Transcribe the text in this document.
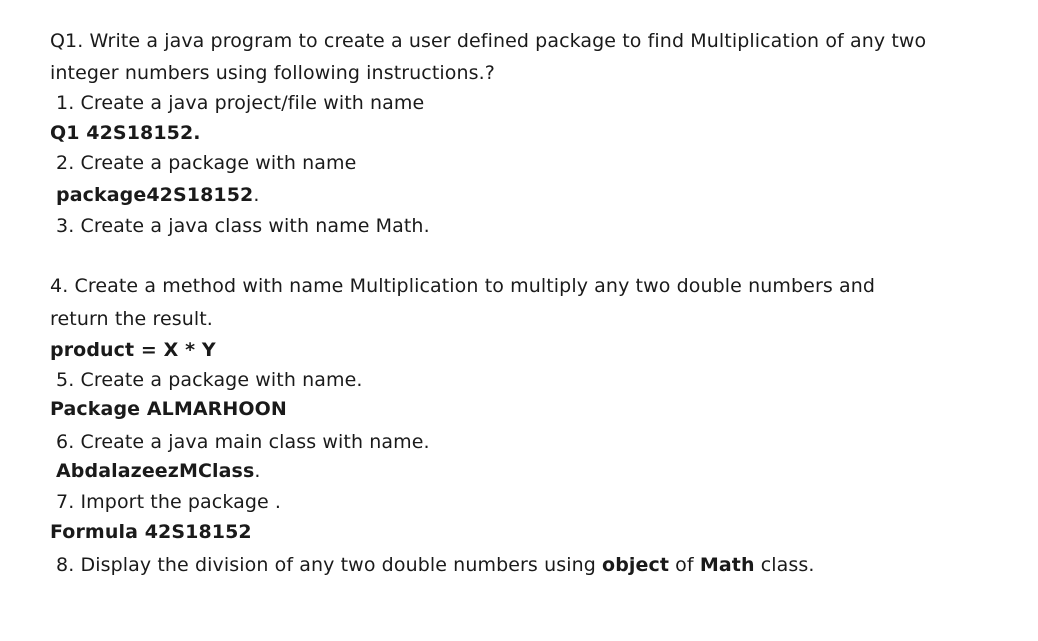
Q1. Write a java program to create a user defined package to find Multiplication of any two
integer numbers using following instructions.?
1. Create a java project/file with name
Q1 42S18152.
2. Create a package with name
package42S18152.
3. Create a java class with name Math.
4. Create a method with name Multiplication to multiply any two double numbers and
return the result.
product = X * Y
5. Create a package with name.
Package ALMARHOON
6. Create a java main class with name.
AbdalazeezMClass.
7. Import the package .
Formula 42S18152
8. Display the division of any two double numbers using object of Math class.
